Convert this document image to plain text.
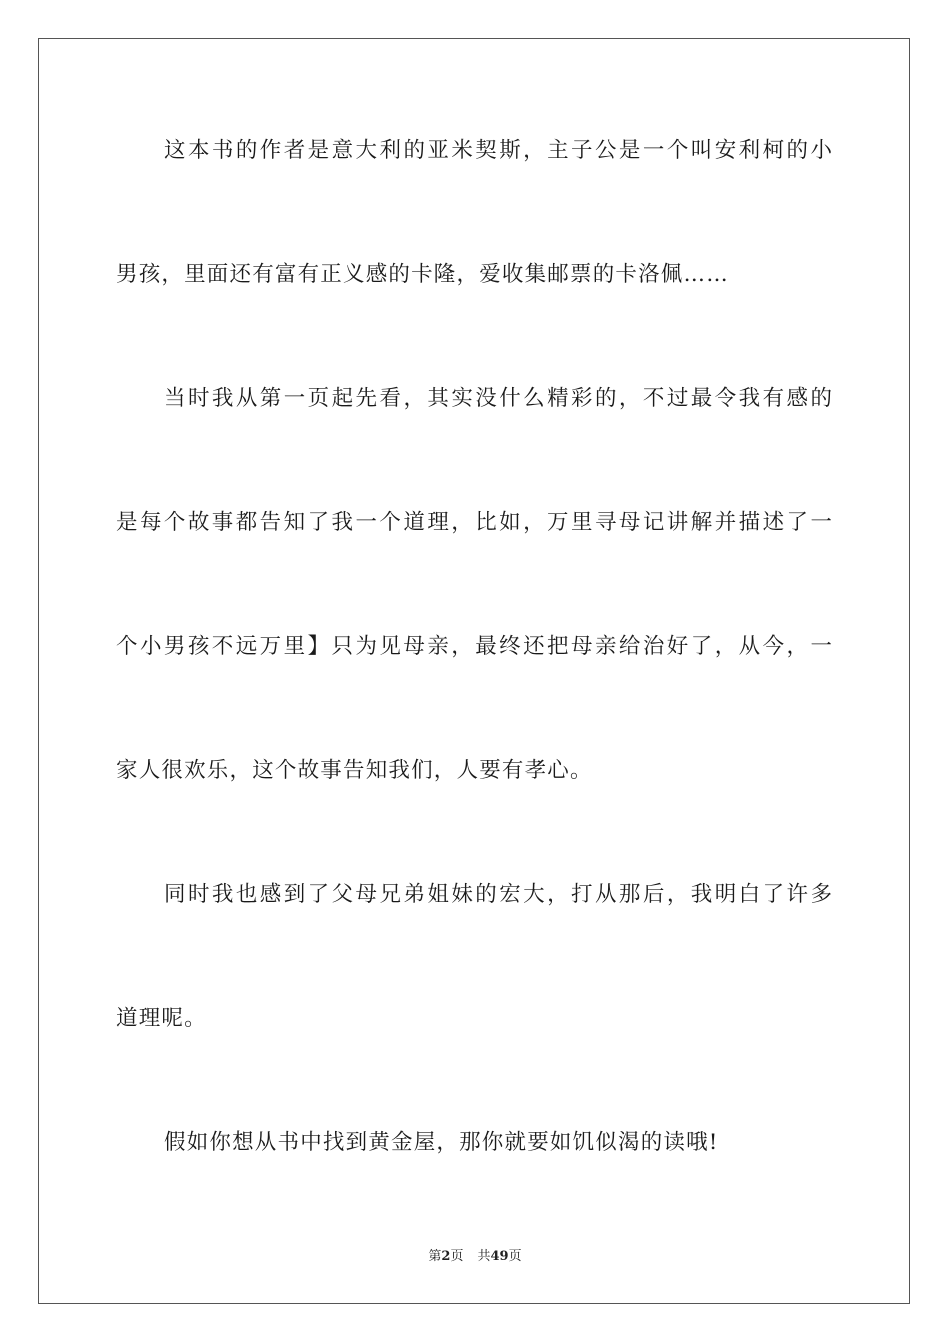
这本书的作者是意大利的亚米契斯，主子公是一个叫安利柯的小
男孩，里面还有富有正义感的卡隆，爱收集邮票的卡洛佩……
当时我从第一页起先看，其实没什么精彩的，不过最令我有感的
是每个故事都告知了我一个道理，比如，万里寻母记讲解并描述了一
个小男孩不远万里】只为见母亲，最终还把母亲给治好了，从今，一
家人很欢乐，这个故事告知我们，人要有孝心。
同时我也感到了父母兄弟姐妹的宏大，打从那后，我明白了许多
道理呢。
假如你想从书中找到黄金屋，那你就要如饥似渴的读哦!
第2页 共49页
